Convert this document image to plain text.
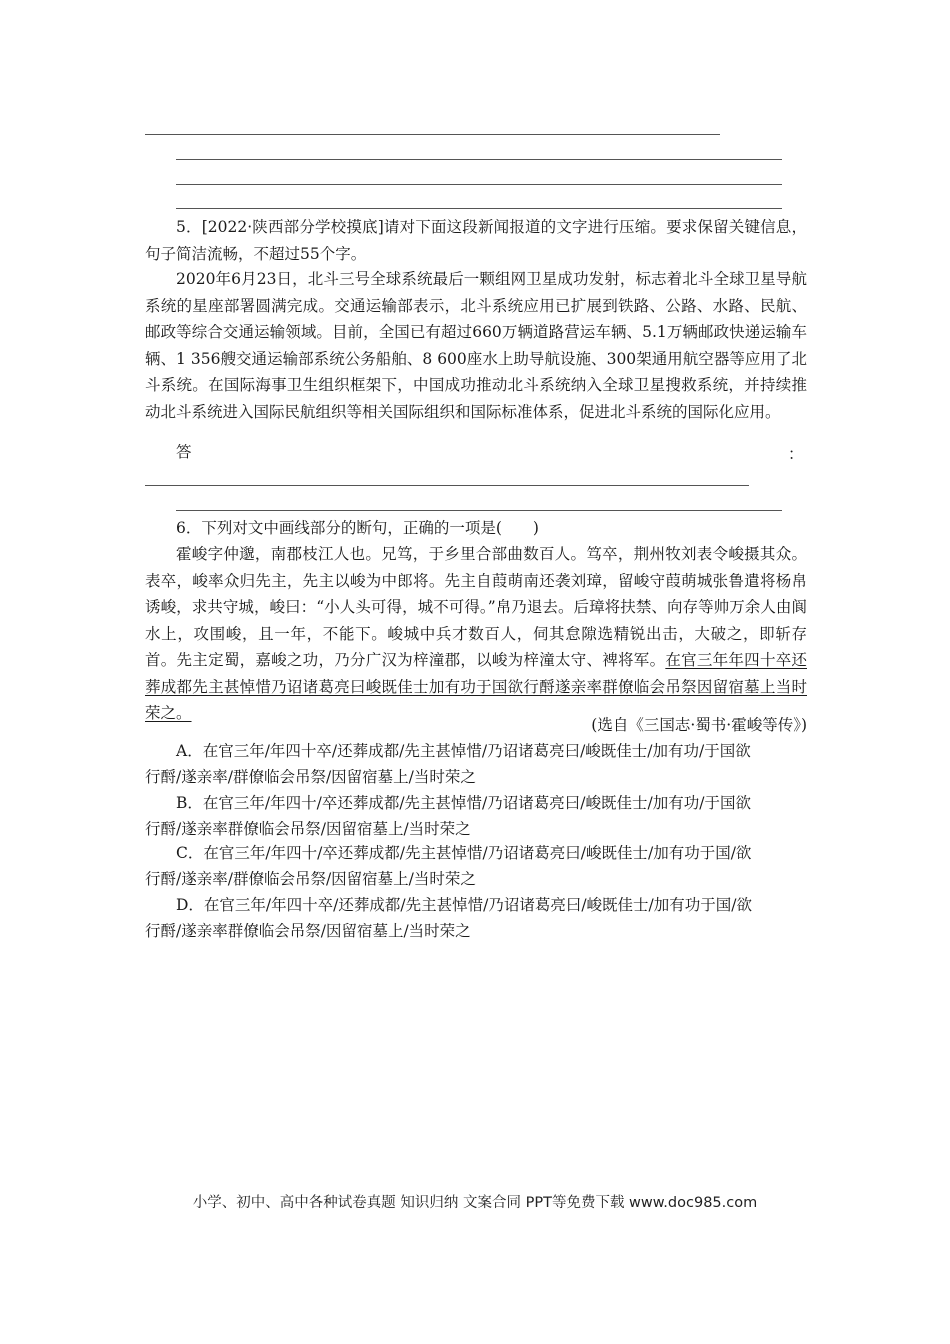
5．[2022·陕西部分学校摸底]请对下面这段新闻报道的文字进行压缩。要求保留关键信息，句子简洁流畅，不超过55个字。
2020年6月23日，北斗三号全球系统最后一颗组网卫星成功发射，标志着北斗全球卫星导航系统的星座部署圆满完成。交通运输部表示，北斗系统应用已扩展到铁路、公路、水路、民航、邮政等综合交通运输领域。目前，全国已有超过660万辆道路营运车辆、5.1万辆邮政快递运输车辆、1 356艘交通运输部系统公务船舶、8 600座水上助导航设施、300架通用航空器等应用了北斗系统。在国际海事卫生组织框架下，中国成功推动北斗系统纳入全球卫星搜救系统，并持续推动北斗系统进入国际民航组织等相关国际组织和国际标准体系，促进北斗系统的国际化应用。
答	：
6．下列对文中画线部分的断句，正确的一项是(　　)
霍峻字仲邈，南郡枝江人也。兄笃，于乡里合部曲数百人。笃卒，荆州牧刘表令峻摄其众。表卒，峻率众归先主，先主以峻为中郎将。先主自葭萌南还袭刘璋，留峻守葭萌城张鲁遣将杨帛诱峻，求共守城，峻曰：“小人头可得，城不可得。”帛乃退去。后璋将扶禁、向存等帅万余人由阆水上，攻围峻，且一年，不能下。峻城中兵才数百人，伺其怠隙选精锐出击，大破之，即斩存首。先主定蜀，嘉峻之功，乃分广汉为梓潼郡，以峻为梓潼太守、裨将军。在官三年年四十卒还葬成都先主甚悼惜乃诏诸葛亮曰峻既佳士加有功于国欲行酹遂亲率群僚临会吊祭因留宿墓上当时荣之。
(选自《三国志·蜀书·霍峻等传》)
A．在官三年/年四十卒/还葬成都/先主甚悼惜/乃诏诸葛亮曰/峻既佳士/加有功/于国欲
行酹/遂亲率/群僚临会吊祭/因留宿墓上/当时荣之
B．在官三年/年四十/卒还葬成都/先主甚悼惜/乃诏诸葛亮曰/峻既佳士/加有功/于国欲
行酹/遂亲率群僚临会吊祭/因留宿墓上/当时荣之
C．在官三年/年四十/卒还葬成都/先主甚悼惜/乃诏诸葛亮曰/峻既佳士/加有功于国/欲
行酹/遂亲率/群僚临会吊祭/因留宿墓上/当时荣之
D．在官三年/年四十卒/还葬成都/先主甚悼惜/乃诏诸葛亮曰/峻既佳士/加有功于国/欲
行酹/遂亲率群僚临会吊祭/因留宿墓上/当时荣之
小学、初中、高中各种试卷真题 知识归纳 文案合同 PPT等免费下载 www.doc985.com
